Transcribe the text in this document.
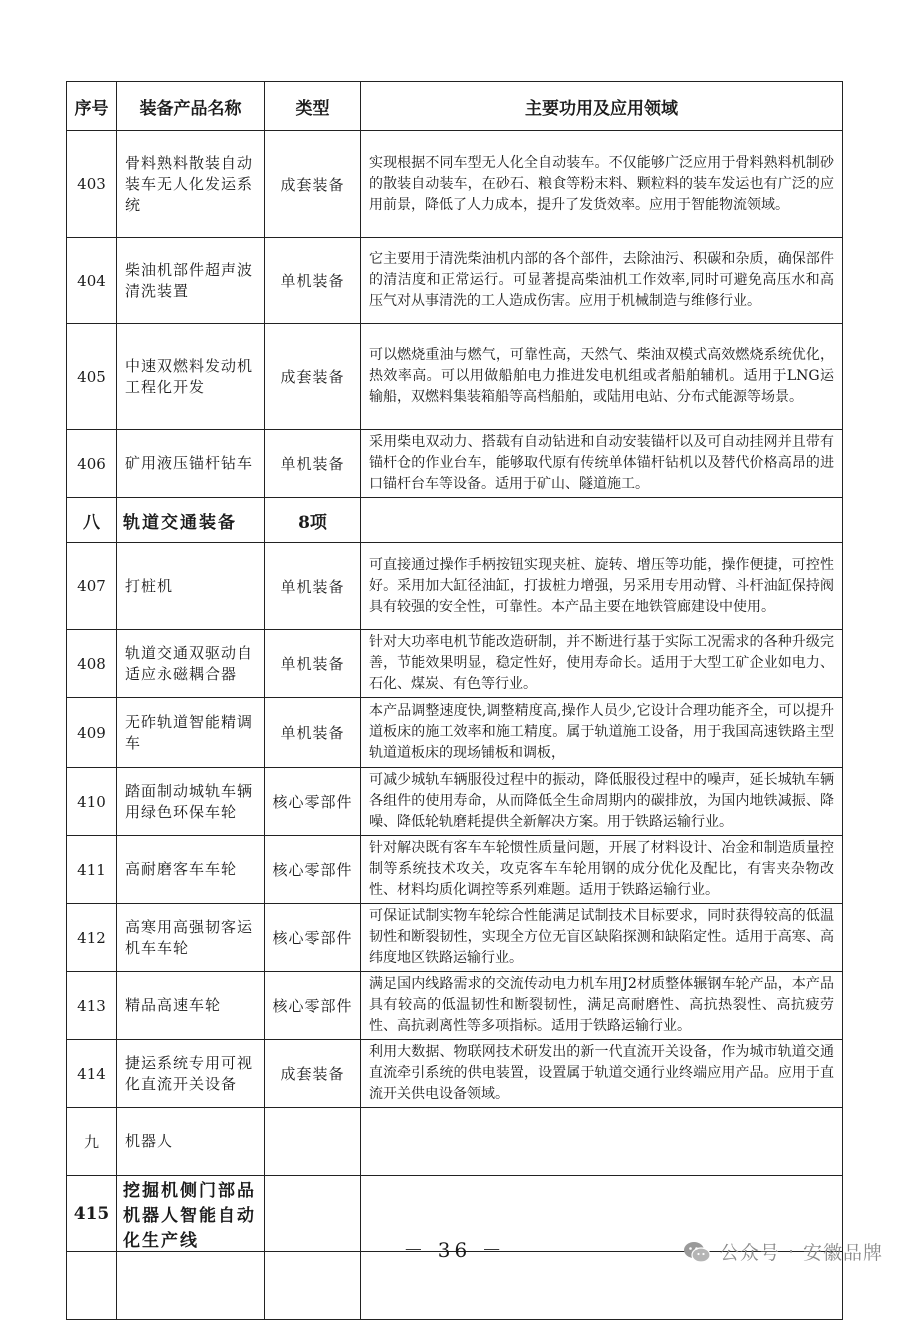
序号	装备产品名称	类型	主要功用及应用领域
403	骨料熟料散装自动装车无人化发运系统	成套装备	实现根据不同车型无人化全自动装车。不仅能够广泛应用于骨料熟料机制砂的散装自动装车，在砂石、粮食等粉末料、颗粒料的装车发运也有广泛的应用前景，降低了人力成本，提升了发货效率。应用于智能物流领域。
404	柴油机部件超声波清洗装置	单机装备	它主要用于清洗柴油机内部的各个部件，去除油污、积碳和杂质，确保部件的清洁度和正常运行。可显著提高柴油机工作效率,同时可避免高压水和高压气对从事清洗的工人造成伤害。应用于机械制造与维修行业。
405	中速双燃料发动机工程化开发	成套装备	可以燃烧重油与燃气，可靠性高，天然气、柴油双模式高效燃烧系统优化，热效率高。可以用做船舶电力推进发电机组或者船舶辅机。适用于LNG运输船，双燃料集装箱船等高档船舶，或陆用电站、分布式能源等场景。
406	矿用液压锚杆钻车	单机装备	采用柴电双动力、搭载有自动钻进和自动安装锚杆以及可自动挂网并且带有锚杆仓的作业台车，能够取代原有传统单体锚杆钻机以及替代价格高昂的进口锚杆台车等设备。适用于矿山、隧道施工。
八	轨道交通装备	8项	
407	打桩机	单机装备	可直接通过操作手柄按钮实现夹桩、旋转、增压等功能，操作便捷，可控性好。采用加大缸径油缸，打拔桩力增强，另采用专用动臂、斗杆油缸保持阀具有较强的安全性，可靠性。本产品主要在地铁管廊建设中使用。
408	轨道交通双驱动自适应永磁耦合器	单机装备	针对大功率电机节能改造研制，并不断进行基于实际工况需求的各种升级完善，节能效果明显，稳定性好，使用寿命长。适用于大型工矿企业如电力、石化、煤炭、有色等行业。
409	无砟轨道智能精调车	单机装备	本产品调整速度快,调整精度高,操作人员少,它设计合理功能齐全，可以提升道板床的施工效率和施工精度。属于轨道施工设备，用于我国高速铁路主型轨道道板床的现场铺板和调板，
410	踏面制动城轨车辆用绿色环保车轮	核心零部件	可减少城轨车辆服役过程中的振动，降低服役过程中的噪声，延长城轨车辆各组件的使用寿命，从而降低全生命周期内的碳排放，为国内地铁减振、降噪、降低轮轨磨耗提供全新解决方案。用于铁路运输行业。
411	高耐磨客车车轮	核心零部件	针对解决既有客车车轮惯性质量问题，开展了材料设计、冶金和制造质量控制等系统技术攻关，攻克客车车轮用钢的成分优化及配比，有害夹杂物改性、材料均质化调控等系列难题。适用于铁路运输行业。
412	高寒用高强韧客运机车车轮	核心零部件	可保证试制实物车轮综合性能满足试制技术目标要求，同时获得较高的低温韧性和断裂韧性，实现全方位无盲区缺陷探测和缺陷定性。适用于高寒、高纬度地区铁路运输行业。
413	精品高速车轮	核心零部件	满足国内线路需求的交流传动电力机车用J2材质整体辗钢车轮产品，本产品具有较高的低温韧性和断裂韧性，满足高耐磨性、高抗热裂性、高抗疲劳性、高抗剥离性等多项指标。适用于铁路运输行业。
414	捷运系统专用可视化直流开关设备	成套装备	利用大数据、物联网技术研发出的新一代直流开关设备，作为城市轨道交通直流牵引系统的供电装置，设置属于轨道交通行业终端应用产品。应用于直流开关供电设备领域。
九	机器人		
415	挖掘机侧门部品机器人智能自动化生产线		
				－ 36 －	公众号 · 安徽品牌
